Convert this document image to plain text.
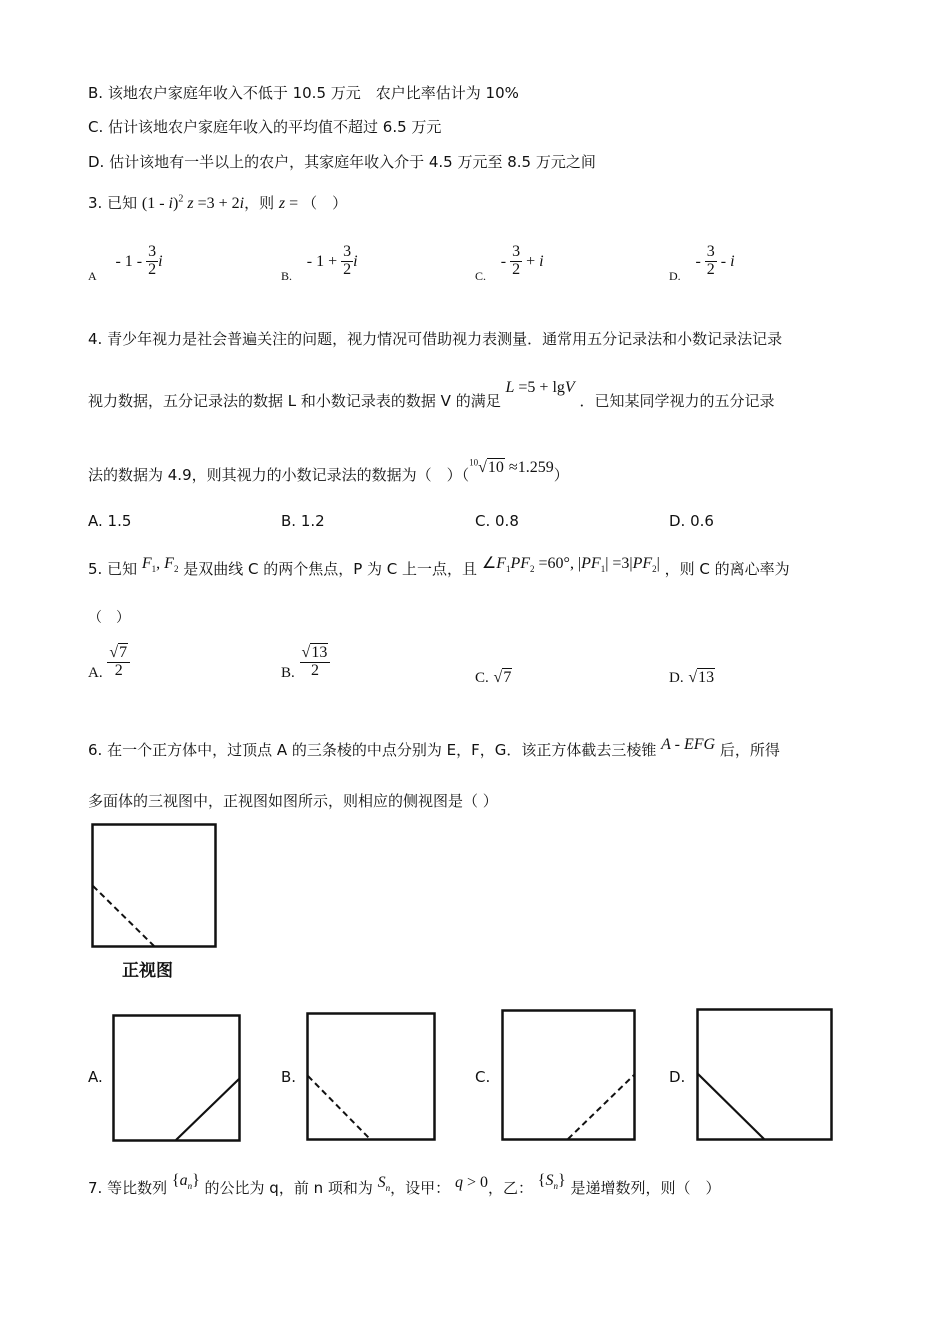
B. 该地农户家庭年收入不低于 10.5 万元　农户比率估计为 10%
C. 估计该地农户家庭年收入的平均值不超过 6.5 万元
D. 估计该地有一半以上的农户，其家庭年收入介于 4.5 万元至 8.5 万元之间
3. 已知 (1 - i)$^2$ z =3 + 2i，则 z = （　）
$_A - 1 - \frac{3}{2}$ i
$_{B.} - 1 + \frac{3}{2}$ i
$_{C.} - \frac{3}{2} + i$
$_{D.} - \frac{3}{2}$ - i
4. 青少年视力是社会普遍关注的问题，视力情况可借助视力表测量．通常用五分记录法和小数记录法记录
视力数据，五分记录法的数据 L 和小数记录表的数据 V 的满足 L =5 + lgV ．已知某同学视力的五分记录
法的数据为 4.9，则其视力的小数记录法的数据为（　）（$^{10}$√10 ≈1.259）
A. 1.5	B. 1.2	C. 0.8	D. 0.6
5. 已知 $F_1$, $F_2$ 是双曲线 C 的两个焦点，P 为 C 上一点，且 $\angle F_1PF_2 =60^\circ$, $|PF_1| =3|PF_2|$ ，则 C 的离心率为
（　）
A. $\frac{√7}{2}$	B. $\frac{√13}{2}$	C. √7	D. √13
6. 在一个正方体中，过顶点 A 的三条棱的中点分别为 E，F，G．该正方体截去三棱锥 A - EFG 后，所得
多面体的三视图中，正视图如图所示，则相应的侧视图是（ ）
正视图
A.	B.	C.	D.
7. 等比数列 $\{a_n\}$ 的公比为 q，前 n 项和为 $S_n$，设甲： q > 0，乙： $\{S_n\}$ 是递增数列，则（　）
